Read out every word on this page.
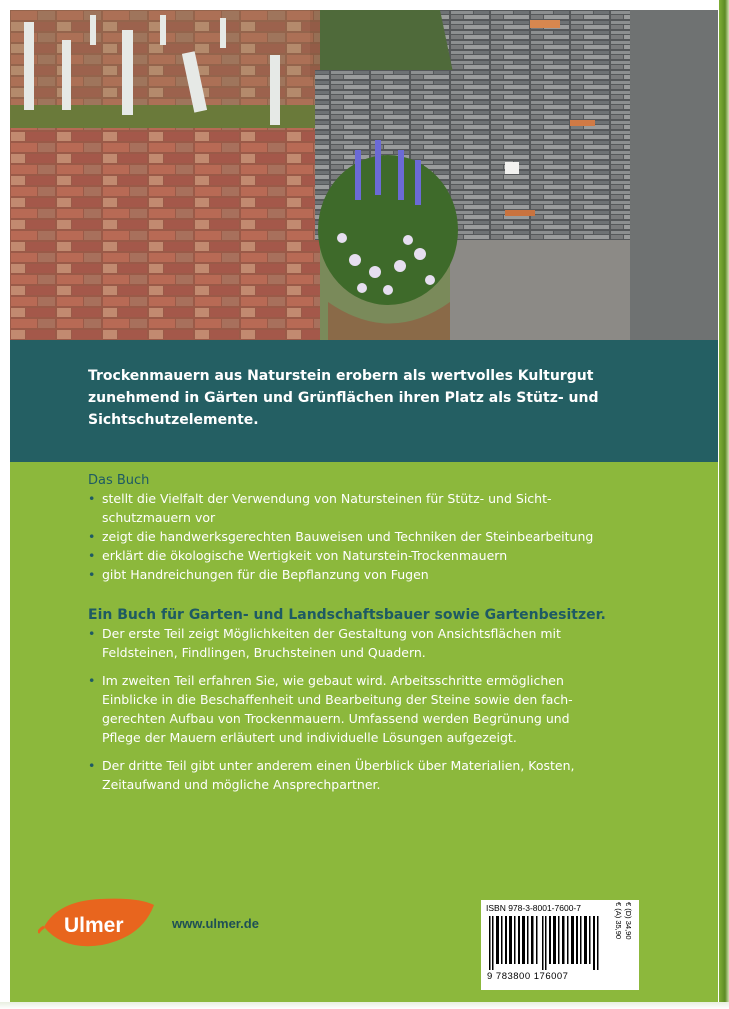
Trockenmauern aus Naturstein erobern als wertvolles Kulturgut
zunehmend in Gärten und Grünflächen ihren Platz als Stütz- und
Sichtschutzelemente.

Das Buch
• stellt die Vielfalt der Verwendung von Natursteinen für Stütz- und Sicht-
schutzmauern vor
• zeigt die handwerksgerechten Bauweisen und Techniken der Steinbearbeitung
• erklärt die ökologische Wertigkeit von Naturstein-Trockenmauern
• gibt Handreichungen für die Bepflanzung von Fugen
Ein Buch für Garten- und Landschaftsbauer sowie Gartenbesitzer.
• Der erste Teil zeigt Möglichkeiten der Gestaltung von Ansichtsflächen mit
Feldsteinen, Findlingen, Bruchsteinen und Quadern.
• Im zweiten Teil erfahren Sie, wie gebaut wird. Arbeitsschritte ermöglichen
Einblicke in die Beschaffenheit und Bearbeitung der Steine sowie den fach-
gerechten Aufbau von Trockenmauern. Umfassend werden Begrünung und
Pflege der Mauern erläutert und individuelle Lösungen aufgezeigt.
• Der dritte Teil gibt unter anderem einen Überblick über Materialien, Kosten,
Zeitaufwand und mögliche Ansprechpartner.
Ulmer	www.ulmer.de
ISBN 978-3-8001-7600-7	€ (D) 34,90
€ (A) 35,90
9 783800 176007
